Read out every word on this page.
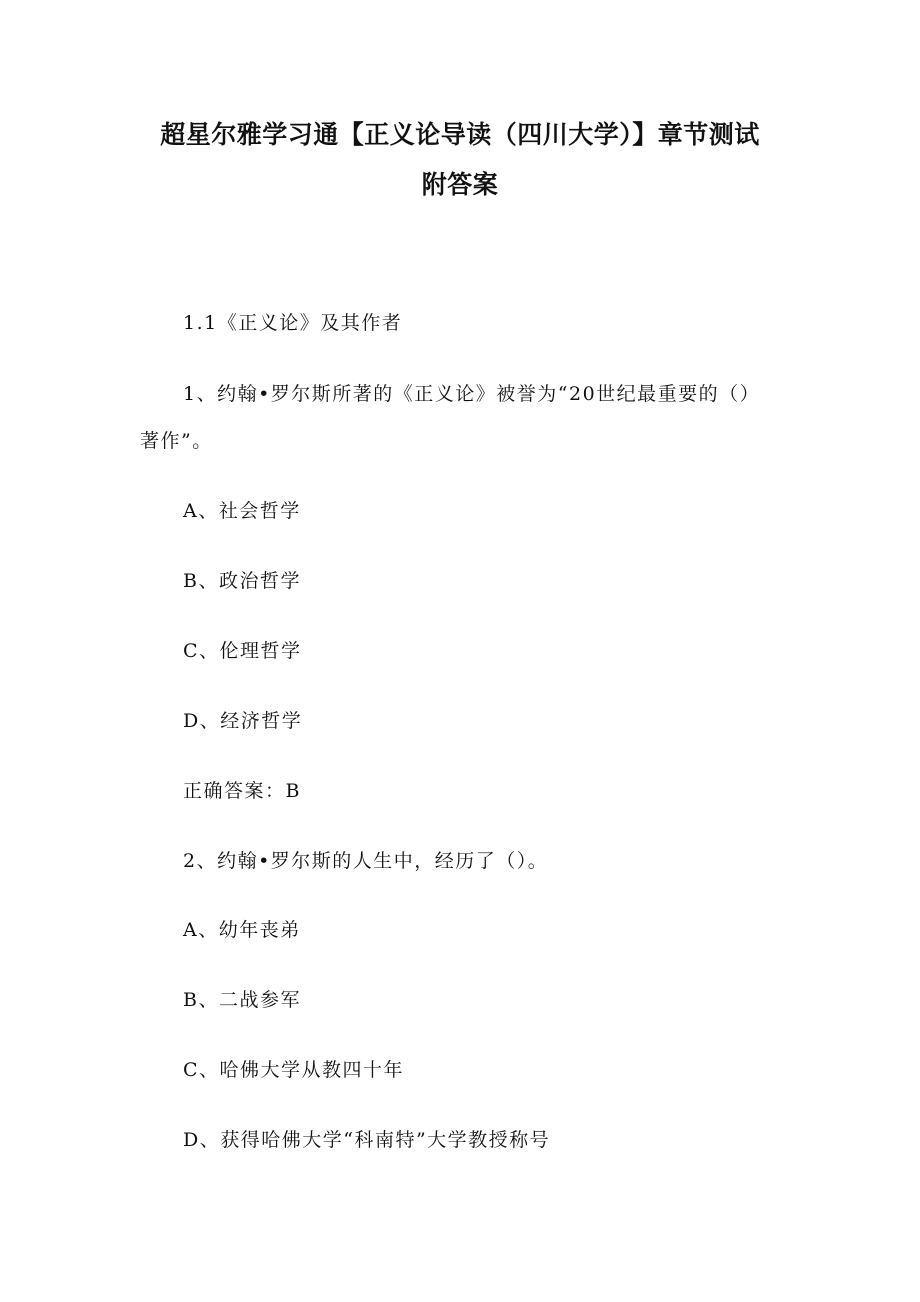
超星尔雅学习通【正义论导读（四川大学）】章节测试
附答案
1.1《正义论》及其作者
1、约翰•罗尔斯所著的《正义论》被誉为“20世纪最重要的（）
著作”。
A、社会哲学
B、政治哲学
C、伦理哲学
D、经济哲学
正确答案：B
2、约翰•罗尔斯的人生中，经历了（）。
A、幼年丧弟
B、二战参军
C、哈佛大学从教四十年
D、获得哈佛大学“科南特”大学教授称号
